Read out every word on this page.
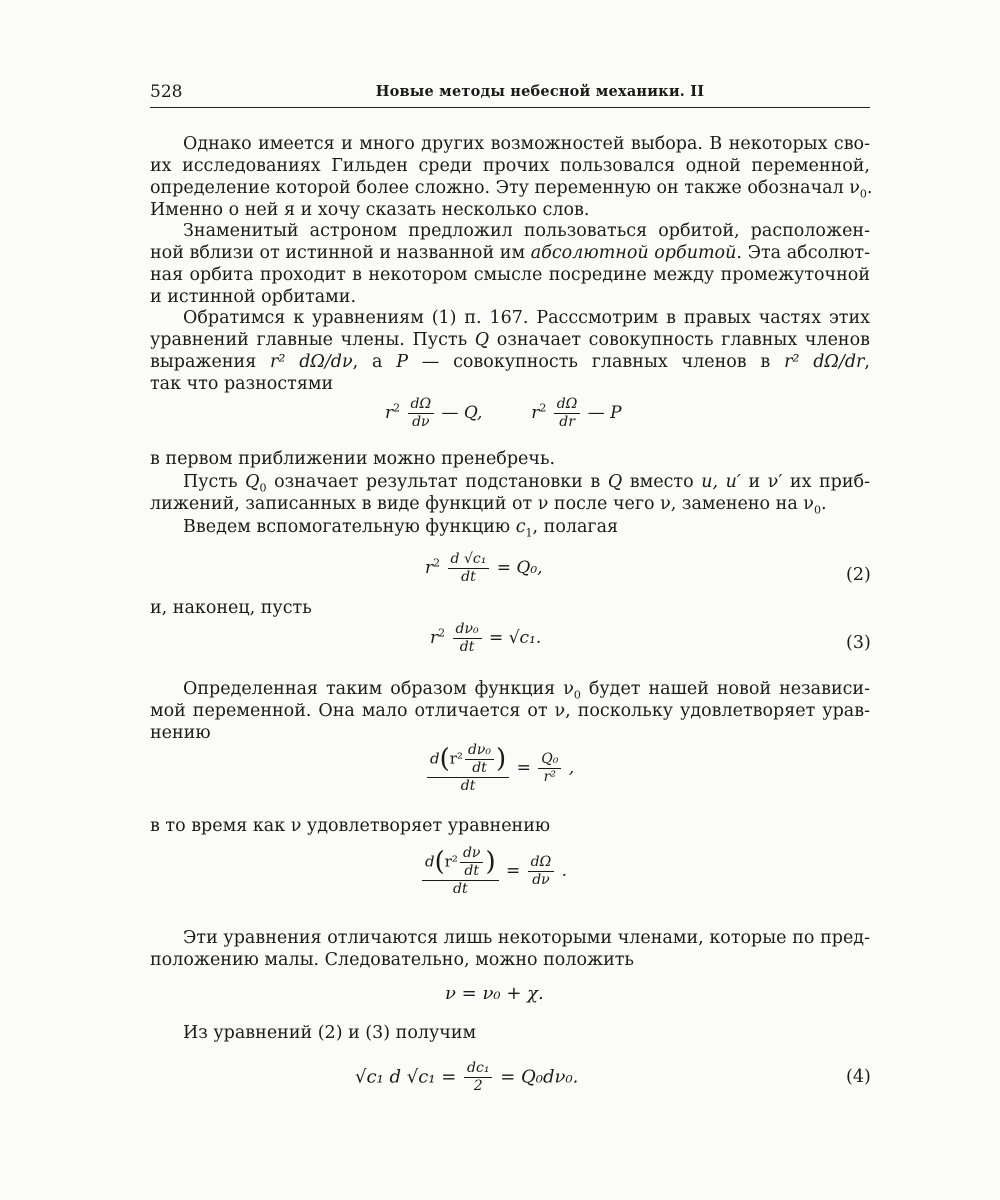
528	Новые методы небесной механики. II
Однако имеется и много других возможностей выбора. В некоторых сво-
их исследованиях Гильден среди прочих пользовался одной переменной,
определение которой более сложно. Эту переменную он также обозначал $\nu_0$.
Именно о ней я и хочу сказать несколько слов.
Знаменитый астроном предложил пользоваться орбитой, расположен-
ной вблизи от истинной и названной им абсолютной орбитой. Эта абсолют-
ная орбита проходит в некотором смысле посредине между промежуточной
и истинной орбитами.
Обратимся к уравнениям (1) п. 167. Расссмотрим в правых частях этих
уравнений главные члены. Пусть Q означает совокупность главных членов
выражения r² dΩ/dν, а P — совокупность главных членов в r² dΩ/dr,
так что разностями
$r^2 \frac{d\Omega}{d\nu}$ — Q,	$r^2 \frac{d\Omega}{dr}$ — P
в первом приближении можно пренебречь.
Пусть $Q_0$ означает результат подстановки в Q вместо u, u′ и ν′ их приб-
лижений, записанных в виде функций от ν после чего ν, заменено на $\nu_0$.
Введем вспомогательную функцию $c_1$, полагая
$r^2 \frac{\text{d √c₁}}{dt} = Q_0$,	(2)
и, наконец, пусть
$r^2 \frac{\text{dν₀}}{dt} = √c_1$.	(3)
Определенная таким образом функция $\nu_0$ будет нашей новой независи-
мой переменной. Она мало отличается от ν, поскольку удовлетворяет урав-
нению
$\frac{d(r^2 \frac{\text{dν₀}}{dt} )}{dt} = \frac{\text{Q₀}}{\text{r²}}$ ,
в то время как ν удовлетворяет уравнению
$\frac{d(r^2 \frac{d\nu}{dt} )}{dt} = \frac{d\Omega}{d\nu}$ .
Эти уравнения отличаются лишь некоторыми членами, которые по пред-
положению малы. Следовательно, можно положить
ν = ν₀ + χ.
Из уравнений (2) и (3) получим
√c₁ d $√c_1 = \frac{\text{dc₁}}{2} = Q_0d\nu_0$.	(4)
